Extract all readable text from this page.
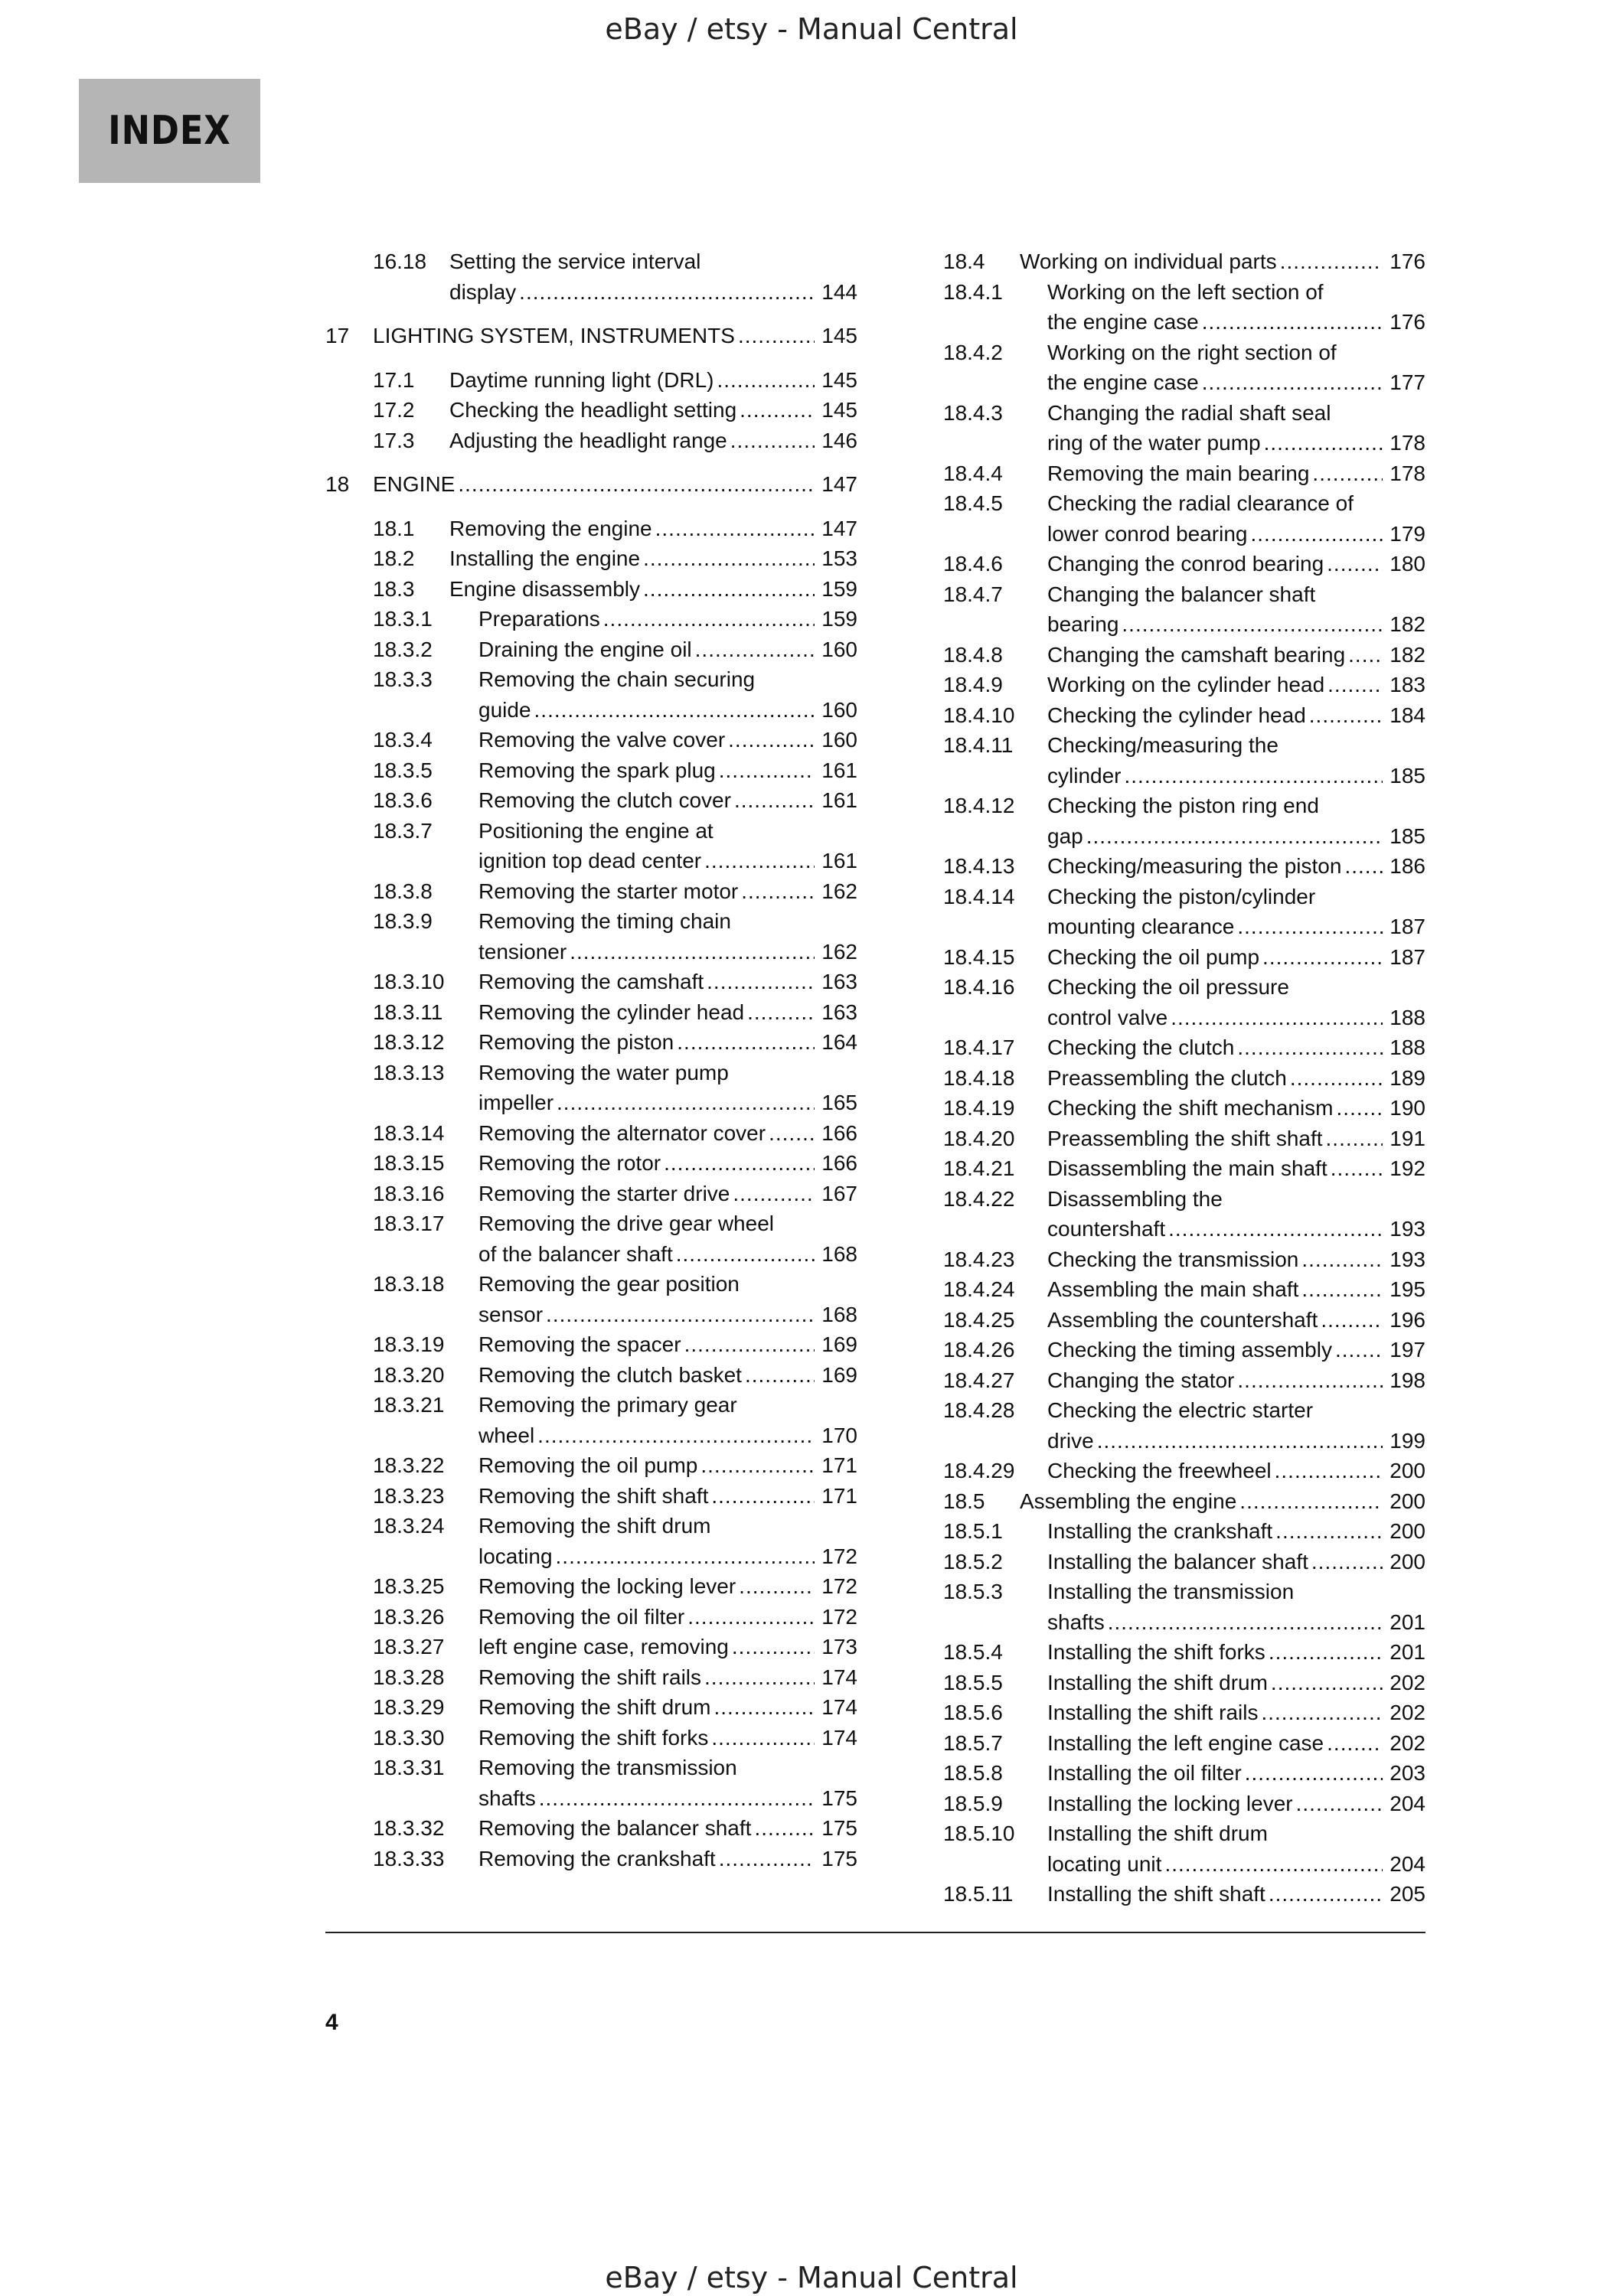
eBay / etsy - Manual Central
INDEX
16.18 Setting the service interval
display .....	144
17 LIGHTING SYSTEM, INSTRUMENTS .....	145
17.1 Daytime running light (DRL) .....	145
17.2 Checking the headlight setting .....	145
17.3 Adjusting the headlight range .....	146
18 ENGINE .....	147
18.1 Removing the engine .....	147
18.2 Installing the engine .....	153
18.3 Engine disassembly .....	159
18.3.1 Preparations .....	159
18.3.2 Draining the engine oil .....	160
18.3.3 Removing the chain securing
guide .....	160
18.3.4 Removing the valve cover .....	160
18.3.5 Removing the spark plug .....	161
18.3.6 Removing the clutch cover .....	161
18.3.7 Positioning the engine at
ignition top dead center .....	161
18.3.8 Removing the starter motor .....	162
18.3.9 Removing the timing chain
tensioner .....	162
18.3.10 Removing the camshaft .....	163
18.3.11 Removing the cylinder head .....	163
18.3.12 Removing the piston .....	164
18.3.13 Removing the water pump
impeller .....	165
18.3.14 Removing the alternator cover .....	166
18.3.15 Removing the rotor .....	166
18.3.16 Removing the starter drive .....	167
18.3.17 Removing the drive gear wheel
of the balancer shaft .....	168
18.3.18 Removing the gear position
sensor .....	168
18.3.19 Removing the spacer .....	169
18.3.20 Removing the clutch basket .....	169
18.3.21 Removing the primary gear
wheel .....	170
18.3.22 Removing the oil pump .....	171
18.3.23 Removing the shift shaft .....	171
18.3.24 Removing the shift drum
locating .....	172
18.3.25 Removing the locking lever .....	172
18.3.26 Removing the oil filter .....	172
18.3.27 left engine case, removing .....	173
18.3.28 Removing the shift rails .....	174
18.3.29 Removing the shift drum .....	174
18.3.30 Removing the shift forks .....	174
18.3.31 Removing the transmission
shafts .....	175
18.3.32 Removing the balancer shaft .....	175
18.3.33 Removing the crankshaft .....	175
18.4 Working on individual parts .....	176
18.4.1 Working on the left section of
the engine case .....	176
18.4.2 Working on the right section of
the engine case .....	177
18.4.3 Changing the radial shaft seal
ring of the water pump .....	178
18.4.4 Removing the main bearing .....	178
18.4.5 Checking the radial clearance of
lower conrod bearing .....	179
18.4.6 Changing the conrod bearing .....	180
18.4.7 Changing the balancer shaft
bearing .....	182
18.4.8 Changing the camshaft bearing ..... 182
18.4.9 Working on the cylinder head .....	183
18.4.10 Checking the cylinder head .....	184
18.4.11 Checking/measuring the
cylinder .....	185
18.4.12 Checking the piston ring end
gap .....	185
18.4.13 Checking/measuring the piston ..... 186
18.4.14 Checking the piston/cylinder
mounting clearance .....	187
18.4.15 Checking the oil pump .....	187
18.4.16 Checking the oil pressure
control valve .....	188
18.4.17 Checking the clutch .....	188
18.4.18 Preassembling the clutch .....	189
18.4.19 Checking the shift mechanism .....	190
18.4.20 Preassembling the shift shaft .....	191
18.4.21 Disassembling the main shaft .....	192
18.4.22 Disassembling the
countershaft .....	193
18.4.23 Checking the transmission .....	193
18.4.24 Assembling the main shaft .....	195
18.4.25 Assembling the countershaft .....	196
18.4.26 Checking the timing assembly .....	197
18.4.27 Changing the stator .....	198
18.4.28 Checking the electric starter
drive .....	199
18.4.29 Checking the freewheel .....	200
18.5 Assembling the engine .....	200
18.5.1 Installing the crankshaft .....	200
18.5.2 Installing the balancer shaft .....	200
18.5.3 Installing the transmission
shafts .....	201
18.5.4 Installing the shift forks .....	201
18.5.5 Installing the shift drum .....	202
18.5.6 Installing the shift rails .....	202
18.5.7 Installing the left engine case .....	202
18.5.8 Installing the oil filter .....	203
18.5.9 Installing the locking lever .....	204
18.5.10 Installing the shift drum
locating unit .....	204
18.5.11 Installing the shift shaft .....	205
4
eBay / etsy - Manual Central
